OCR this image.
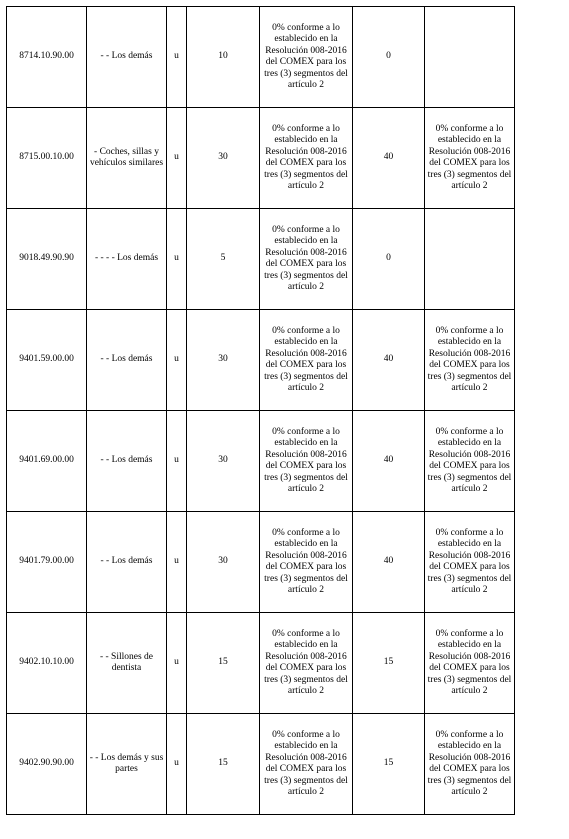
8714.10.90.00	- - Los demás	u	10	0% conforme a lo establecido en la Resolución 008-2016 del COMEX para los tres (3) segmentos del artículo 2	0	
8715.00.10.00	- Coches, sillas y vehículos similares	u	30	0% conforme a lo establecido en la Resolución 008-2016 del COMEX para los tres (3) segmentos del artículo 2	40	0% conforme a lo establecido en la Resolución 008-2016 del COMEX para los tres (3) segmentos del artículo 2
9018.49.90.90	- - - - Los demás	u	5	0% conforme a lo establecido en la Resolución 008-2016 del COMEX para los tres (3) segmentos del artículo 2	0	
9401.59.00.00	- - Los demás	u	30	0% conforme a lo establecido en la Resolución 008-2016 del COMEX para los tres (3) segmentos del artículo 2	40	0% conforme a lo establecido en la Resolución 008-2016 del COMEX para los tres (3) segmentos del artículo 2
9401.69.00.00	- - Los demás	u	30	0% conforme a lo establecido en la Resolución 008-2016 del COMEX para los tres (3) segmentos del artículo 2	40	0% conforme a lo establecido en la Resolución 008-2016 del COMEX para los tres (3) segmentos del artículo 2
9401.79.00.00	- - Los demás	u	30	0% conforme a lo establecido en la Resolución 008-2016 del COMEX para los tres (3) segmentos del artículo 2	40	0% conforme a lo establecido en la Resolución 008-2016 del COMEX para los tres (3) segmentos del artículo 2
9402.10.10.00	- - Sillones de dentista	u	15	0% conforme a lo establecido en la Resolución 008-2016 del COMEX para los tres (3) segmentos del artículo 2	15	0% conforme a lo establecido en la Resolución 008-2016 del COMEX para los tres (3) segmentos del artículo 2
9402.90.90.00	- - Los demás y sus partes	u	15	0% conforme a lo establecido en la Resolución 008-2016 del COMEX para los tres (3) segmentos del artículo 2	15	0% conforme a lo establecido en la Resolución 008-2016 del COMEX para los tres (3) segmentos del artículo 2
